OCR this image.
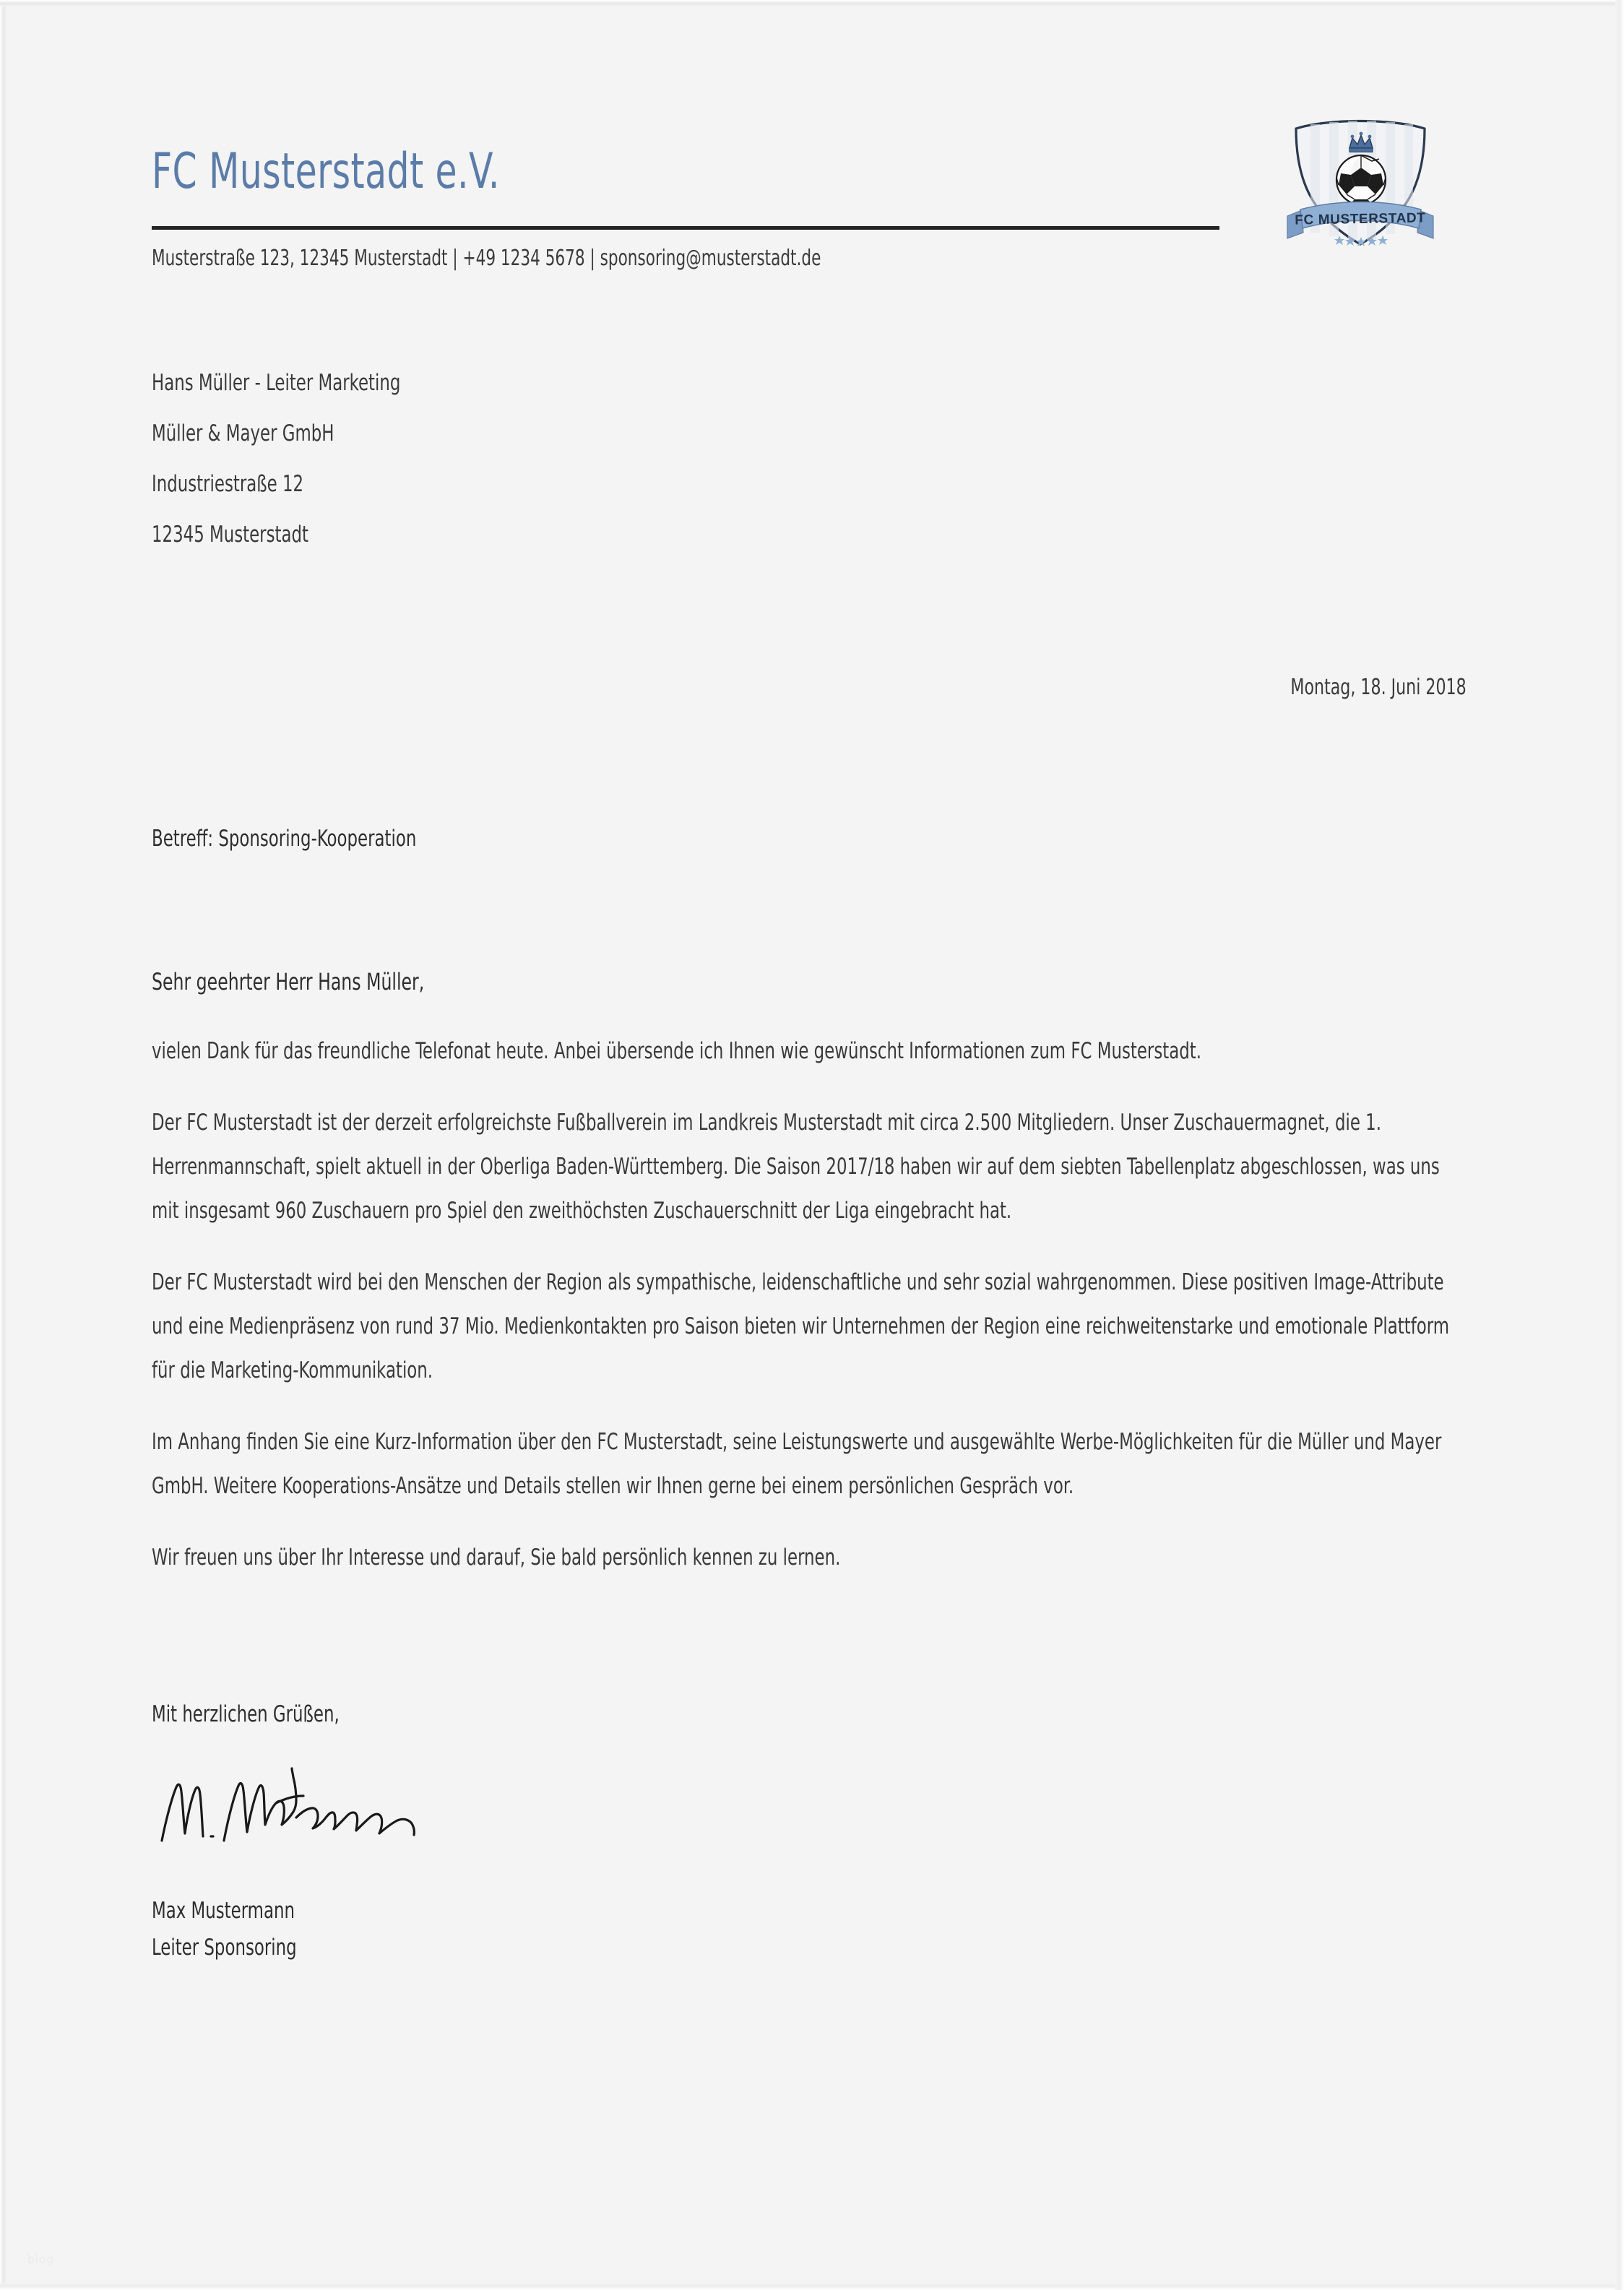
FC Musterstadt e.V.
Musterstraße 123, 12345 Musterstadt | +49 1234 5678 | sponsoring@musterstadt.de
FC MUSTERSTADT
Hans Müller - Leiter Marketing
Müller & Mayer GmbH
Industriestraße 12
12345 Musterstadt
Montag, 18. Juni 2018
Betreff: Sponsoring-Kooperation
Sehr geehrter Herr Hans Müller,

vielen Dank für das freundliche Telefonat heute. Anbei übersende ich Ihnen wie gewünscht Informationen zum FC Musterstadt.

Der FC Musterstadt ist der derzeit erfolgreichste Fußballverein im Landkreis Musterstadt mit circa 2.500 Mitgliedern. Unser Zuschauermagnet, die 1. Herrenmannschaft, spielt aktuell in der Oberliga Baden-Württemberg. Die Saison 2017/18 haben wir auf dem siebten Tabellenplatz abgeschlossen, was uns mit insgesamt 960 Zuschauern pro Spiel den zweithöchsten Zuschauerschnitt der Liga eingebracht hat.

Der FC Musterstadt wird bei den Menschen der Region als sympathische, leidenschaftliche und sehr sozial wahrgenommen. Diese positiven Image-Attribute und eine Medienpräsenz von rund 37 Mio. Medienkontakten pro Saison bieten wir Unternehmen der Region eine reichweitenstarke und emotionale Plattform für die Marketing-Kommunikation.

Im Anhang finden Sie eine Kurz-Information über den FC Musterstadt, seine Leistungswerte und ausgewählte Werbe-Möglichkeiten für die Müller und Mayer GmbH. Weitere Kooperations-Ansätze und Details stellen wir Ihnen gerne bei einem persönlichen Gespräch vor.

Wir freuen uns über Ihr Interesse und darauf, Sie bald persönlich kennen zu lernen.

Mit herzlichen Grüßen,
Max Mustermann
Leiter Sponsoring
blog
